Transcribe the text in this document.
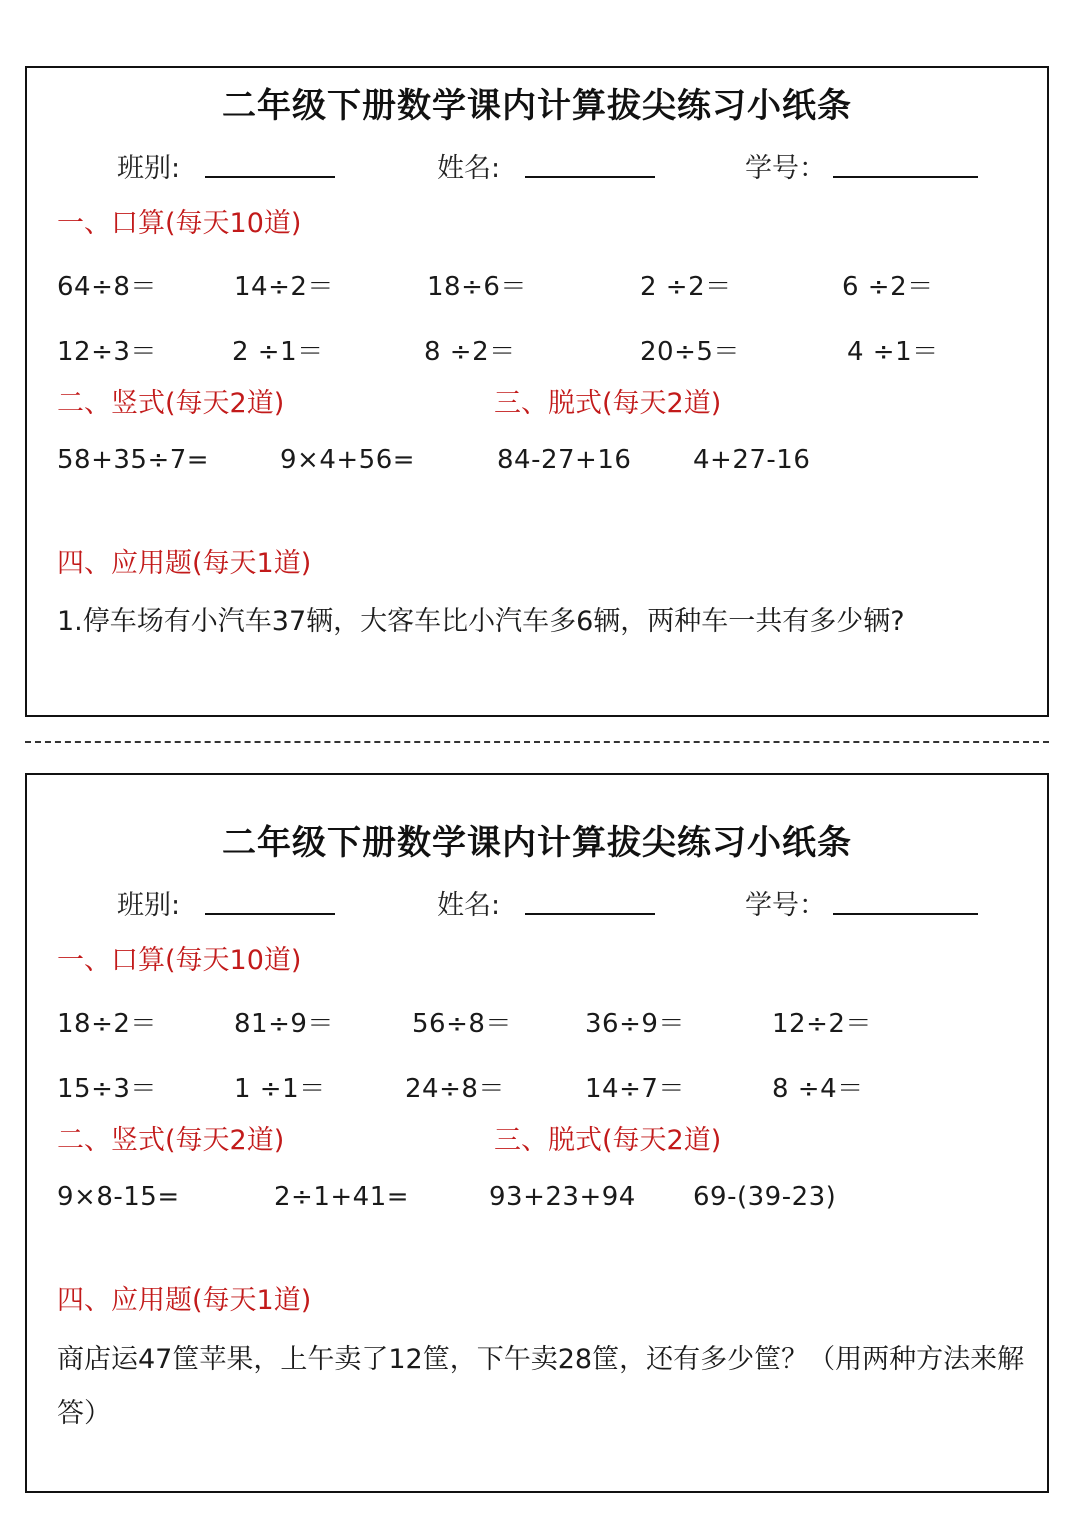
二年级下册数学课内计算拔尖练习小纸条
班别:	姓名:	学号：
一、口算(每天10道)
64÷8＝	14÷2＝	18÷6＝	2 ÷2＝	6 ÷2＝
12÷3＝	2 ÷1＝	8 ÷2＝	20÷5＝	4 ÷1＝
二、竖式(每天2道)	三、脱式(每天2道)
58+35÷7=	9×4+56=	84-27+16 4+27-16
四、应用题(每天1道)
1.停车场有小汽车37辆，大客车比小汽车多6辆，两种车一共有多少辆?
二年级下册数学课内计算拔尖练习小纸条
班别:	姓名:	学号：
一、口算(每天10道)
18÷2＝	81÷9＝	56÷8＝	36÷9＝	12÷2＝
15÷3＝	1 ÷1＝	24÷8＝	14÷7＝	8 ÷4＝
二、竖式(每天2道)	三、脱式(每天2道)
9×8-15=	2÷1+41=	93+23+94 69-(39-23)
四、应用题(每天1道)
商店运47筐苹果，上午卖了12筐，下午卖28筐，还有多少筐？（用两种方法来解答）
